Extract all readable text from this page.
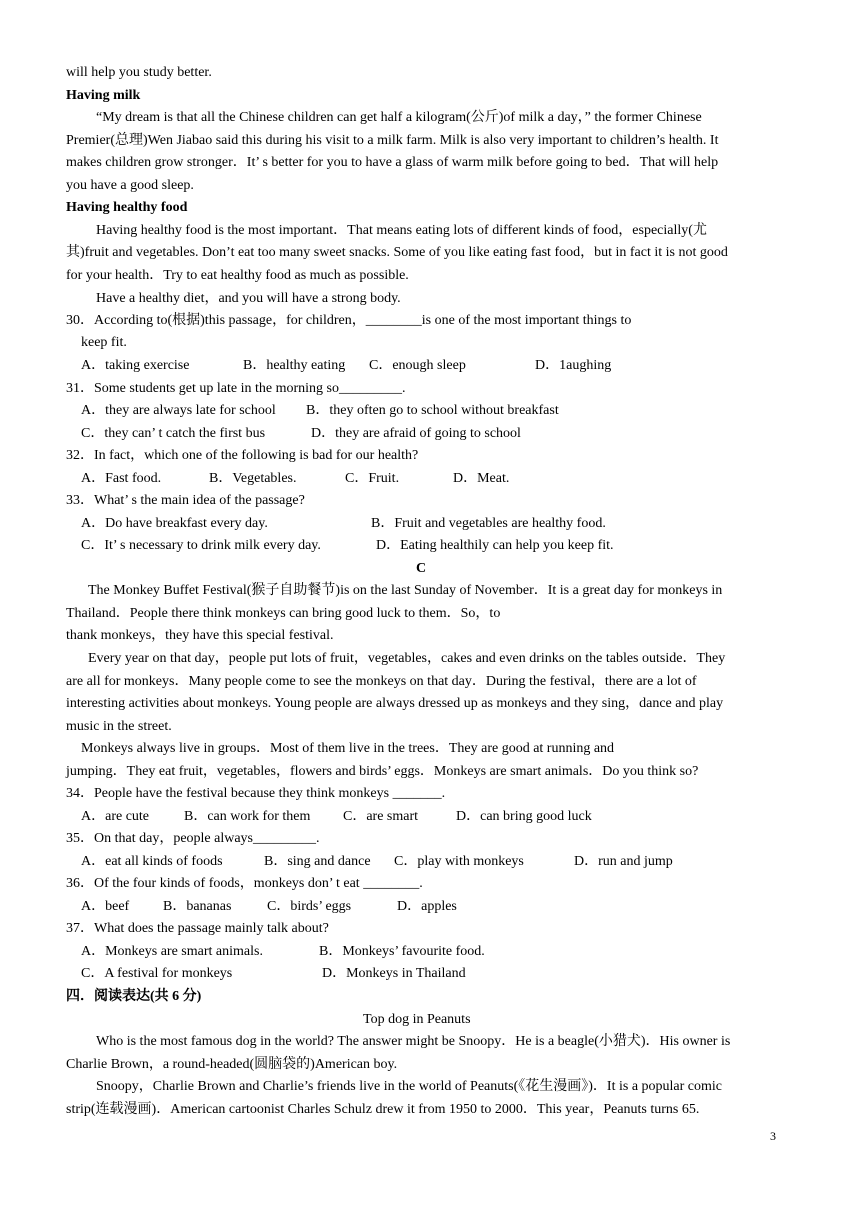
will help you study better.
Having milk
“My dream is that all the Chinese children can get half a kilogram(公斤)of milk a day，” the former Chinese
Premier(总理)Wen Jiabao said this during his visit to a milk farm. Milk is also very important to children’s health. It
makes children grow stronger．It’ s better for you to have a glass of warm milk before going to bed．That will help
you have a good sleep.
Having healthy food
Having healthy food is the most important．That means eating lots of different kinds of food，especially(尤
其)fruit and vegetables. Don’t eat too many sweet snacks. Some of you like eating fast food，but in fact it is not good
for your health．Try to eat healthy food as much as possible.
Have a healthy diet，and you will have a strong body.
30．According to(根据)this passage，for children，________is one of the most important things to
keep fit.
A．taking exercise	B．healthy eating C．enough sleep	D．1aughing
31．Some students get up late in the morning so_________.
A．they are always late for school B．they often go to school without breakfast
C．they can’ t catch the first bus	D．they are afraid of going to school
32．In fact，which one of the following is bad for our health?
A．Fast food.	B．Vegetables.	C．Fruit.	D．Meat.
33．What’ s the main idea of the passage?
A．Do have breakfast every day.	B．Fruit and vegetables are healthy food.
C．It’ s necessary to drink milk every day.	D．Eating healthily can help you keep fit.
C
The Monkey Buffet Festival(猴子自助餐节)is on the last Sunday of November．It is a great day for monkeys in
Thailand．People there think monkeys can bring good luck to them．So，to
thank monkeys，they have this special festival.
Every year on that day，people put lots of fruit，vegetables，cakes and even drinks on the tables outside．They
are all for monkeys．Many people come to see the monkeys on that day．During the festival，there are a lot of
interesting activities about monkeys. Young people are always dressed up as monkeys and they sing，dance and play
music in the street.
Monkeys always live in groups．Most of them live in the trees．They are good at running and
jumping．They eat fruit，vegetables，flowers and birds’ eggs．Monkeys are smart animals．Do you think so?
34．People have the festival because they think monkeys _______.
A．are cute B．can work for them C．are smart	D．can bring good luck
35．On that day，people always_________.
A．eat all kinds of foods	B．sing and dance C．play with monkeys	D．run and jump
36．Of the four kinds of foods，monkeys don’ t eat ________.
A．beef B．bananas	C．birds’ eggs	D．apples
37．What does the passage mainly talk about?
A．Monkeys are smart animals.	B．Monkeys’ favourite food.
C．A festival for monkeys	D．Monkeys in Thailand
四．阅读表达(共 6 分)
Top dog in Peanuts
Who is the most famous dog in the world? The answer might be Snoopy．He is a beagle(小猎犬)．His owner is
Charlie Brown，a round-headed(圆脑袋的)American boy.
Snoopy，Charlie Brown and Charlie’s friends live in the world of Peanuts(《花生漫画》)．It is a popular comic
strip(连载漫画)．American cartoonist Charles Schulz drew it from 1950 to 2000．This year，Peanuts turns 65.
3
